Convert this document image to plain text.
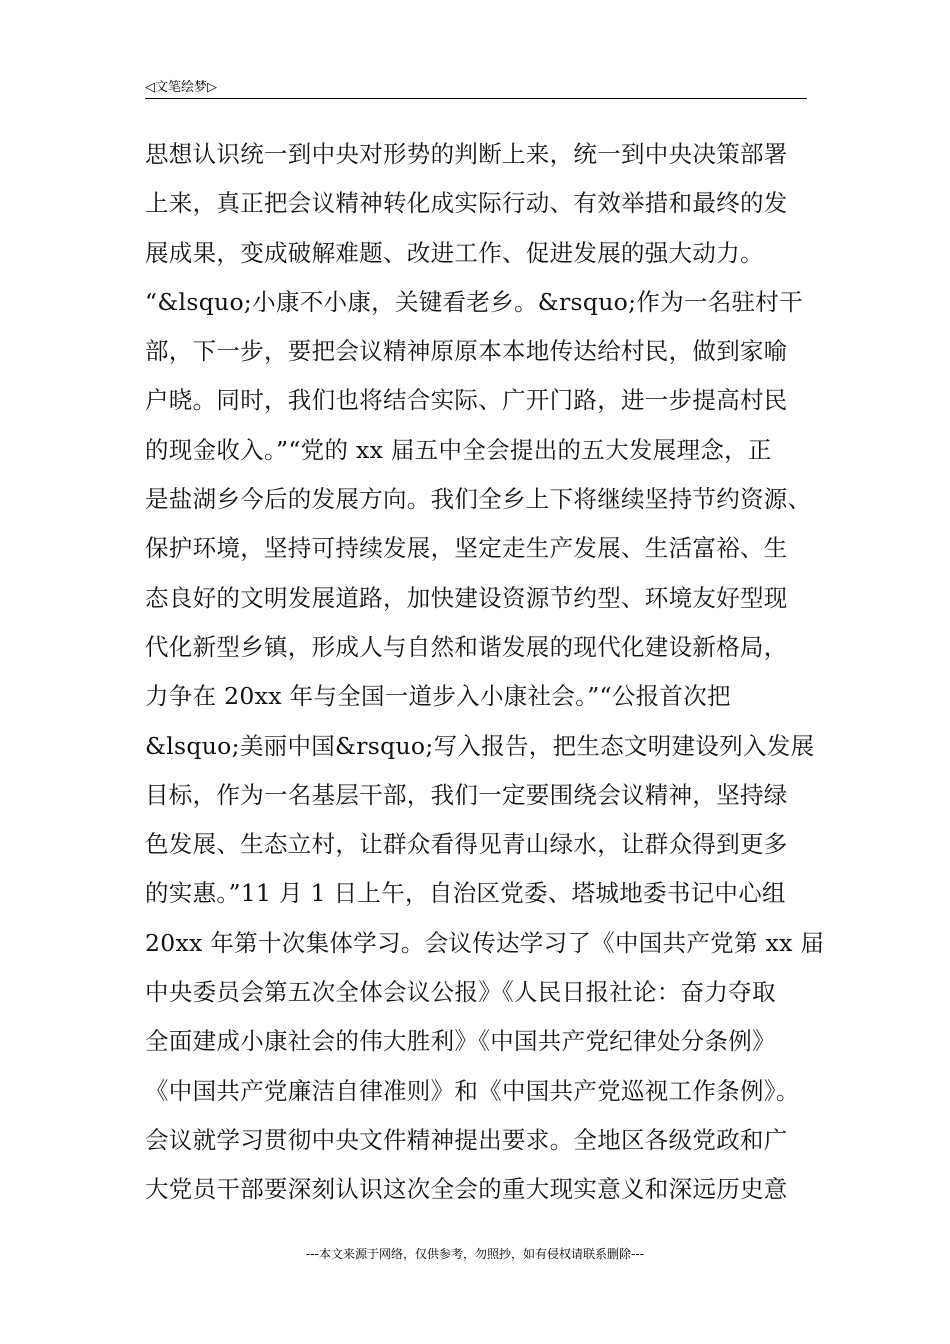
◁文笔绘梦▷
思想认识统一到中央对形势的判断上来，统一到中央决策部署
上来，真正把会议精神转化成实际行动、有效举措和最终的发
展成果，变成破解难题、改进工作、促进发展的强大动力。
“&lsquo;小康不小康，关键看老乡。&rsquo;作为一名驻村干
部，下一步，要把会议精神原原本本地传达给村民，做到家喻
户晓。同时，我们也将结合实际、广开门路，进一步提高村民
的现金收入。”“党的 xx 届五中全会提出的五大发展理念，正
是盐湖乡今后的发展方向。我们全乡上下将继续坚持节约资源、
保护环境，坚持可持续发展，坚定走生产发展、生活富裕、生
态良好的文明发展道路，加快建设资源节约型、环境友好型现
代化新型乡镇，形成人与自然和谐发展的现代化建设新格局，
力争在 20xx 年与全国一道步入小康社会。”“公报首次把
&lsquo;美丽中国&rsquo;写入报告，把生态文明建设列入发展
目标，作为一名基层干部，我们一定要围绕会议精神，坚持绿
色发展、生态立村，让群众看得见青山绿水，让群众得到更多
的实惠。”11 月 1 日上午，自治区党委、塔城地委书记中心组
20xx 年第十次集体学习。会议传达学习了《中国共产党第 xx 届
中央委员会第五次全体会议公报》《人民日报社论：奋力夺取
全面建成小康社会的伟大胜利》《中国共产党纪律处分条例》
《中国共产党廉洁自律准则》和《中国共产党巡视工作条例》。
会议就学习贯彻中央文件精神提出要求。全地区各级党政和广
大党员干部要深刻认识这次全会的重大现实意义和深远历史意
---本文来源于网络，仅供参考，勿照抄，如有侵权请联系删除---
